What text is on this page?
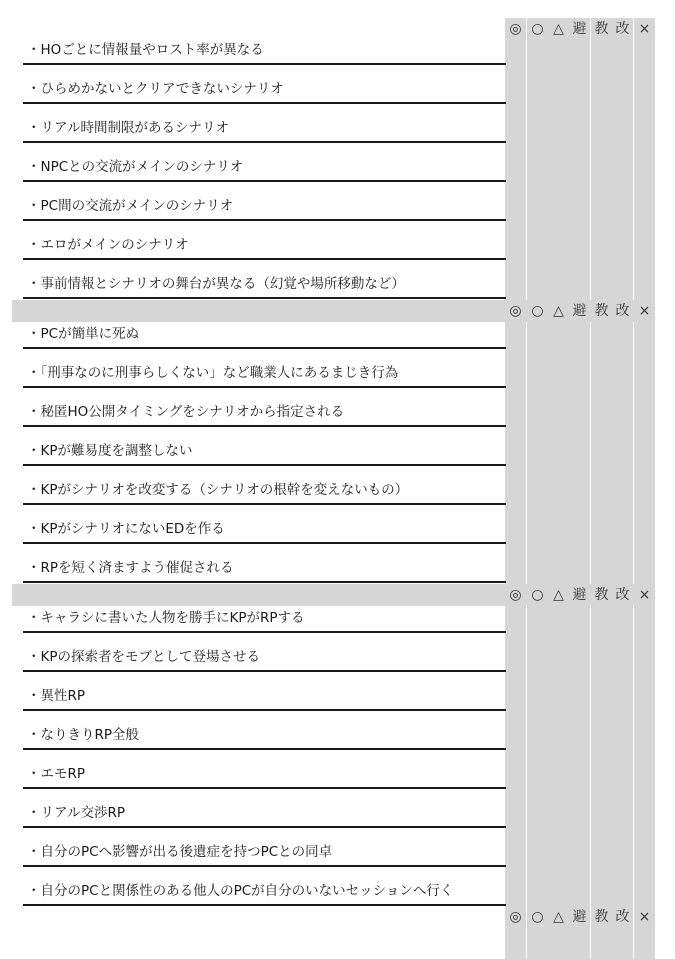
◎ ○ △ 避 教 改 ×
◎ ○ △ 避 教 改 ×
◎ ○ △ 避 教 改 ×
◎ ○ △ 避 教 改 ×
・HOごとに情報量やロスト率が異なる
・ひらめかないとクリアできないシナリオ
・リアル時間制限があるシナリオ
・NPCとの交流がメインのシナリオ
・PC間の交流がメインのシナリオ
・エロがメインのシナリオ
・事前情報とシナリオの舞台が異なる（幻覚や場所移動など）
・PCが簡単に死ぬ
・「刑事なのに刑事らしくない」など職業人にあるまじき行為
・秘匿HO公開タイミングをシナリオから指定される
・KPが難易度を調整しない
・KPがシナリオを改変する（シナリオの根幹を変えないもの）
・KPがシナリオにないEDを作る
・RPを短く済ますよう催促される
・キャラシに書いた人物を勝手にKPがRPする
・KPの探索者をモブとして登場させる
・異性RP
・なりきりRP全般
・エモRP
・リアル交渉RP
・自分のPCへ影響が出る後遺症を持つPCとの同卓
・自分のPCと関係性のある他人のPCが自分のいないセッションへ行く
